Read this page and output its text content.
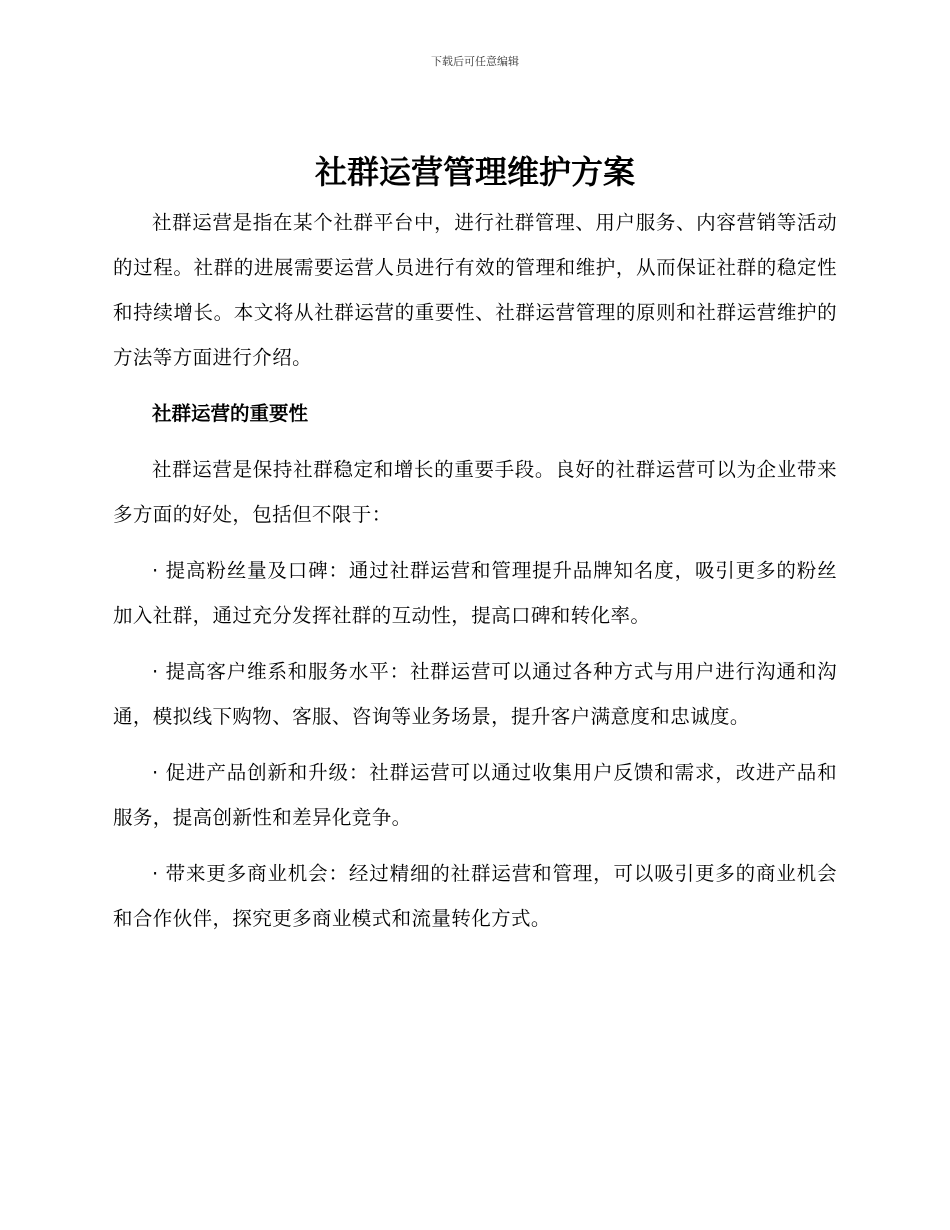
下载后可任意编辑
社群运营管理维护方案

社群运营是指在某个社群平台中，进行社群管理、用户服务、内容营销等活动的过程。社群的进展需要运营人员进行有效的管理和维护，从而保证社群的稳定性和持续增长。本文将从社群运营的重要性、社群运营管理的原则和社群运营维护的方法等方面进行介绍。

社群运营的重要性

社群运营是保持社群稳定和增长的重要手段。良好的社群运营可以为企业带来多方面的好处，包括但不限于：

· 提高粉丝量及口碑：通过社群运营和管理提升品牌知名度，吸引更多的粉丝加入社群，通过充分发挥社群的互动性，提高口碑和转化率。

· 提高客户维系和服务水平：社群运营可以通过各种方式与用户进行沟通和沟通，模拟线下购物、客服、咨询等业务场景，提升客户满意度和忠诚度。

· 促进产品创新和升级：社群运营可以通过收集用户反馈和需求，改进产品和服务，提高创新性和差异化竞争。

· 带来更多商业机会：经过精细的社群运营和管理，可以吸引更多的商业机会和合作伙伴，探究更多商业模式和流量转化方式。
